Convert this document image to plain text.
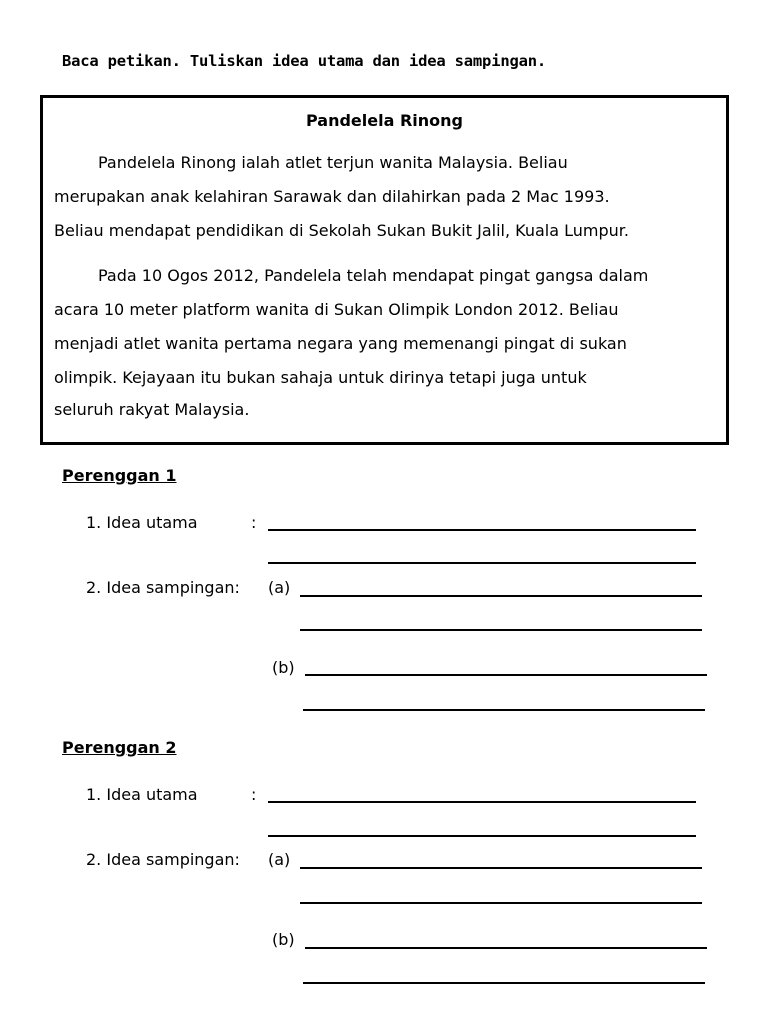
Baca petikan. Tuliskan idea utama dan idea sampingan.
Pandelela Rinong
Pandelela Rinong ialah atlet terjun wanita Malaysia. Beliau
merupakan anak kelahiran Sarawak dan dilahirkan pada 2 Mac 1993.
Beliau mendapat pendidikan di Sekolah Sukan Bukit Jalil, Kuala Lumpur.
Pada 10 Ogos 2012, Pandelela telah mendapat pingat gangsa dalam
acara 10 meter platform wanita di Sukan Olimpik London 2012. Beliau
menjadi atlet wanita pertama negara yang memenangi pingat di sukan
olimpik. Kejayaan itu bukan sahaja untuk dirinya tetapi juga untuk
seluruh rakyat Malaysia.
Perenggan 1
1. Idea utama	:
2. Idea sampingan: (a)
(b)
Perenggan 2
1. Idea utama	:
2. Idea sampingan: (a)
(b)
